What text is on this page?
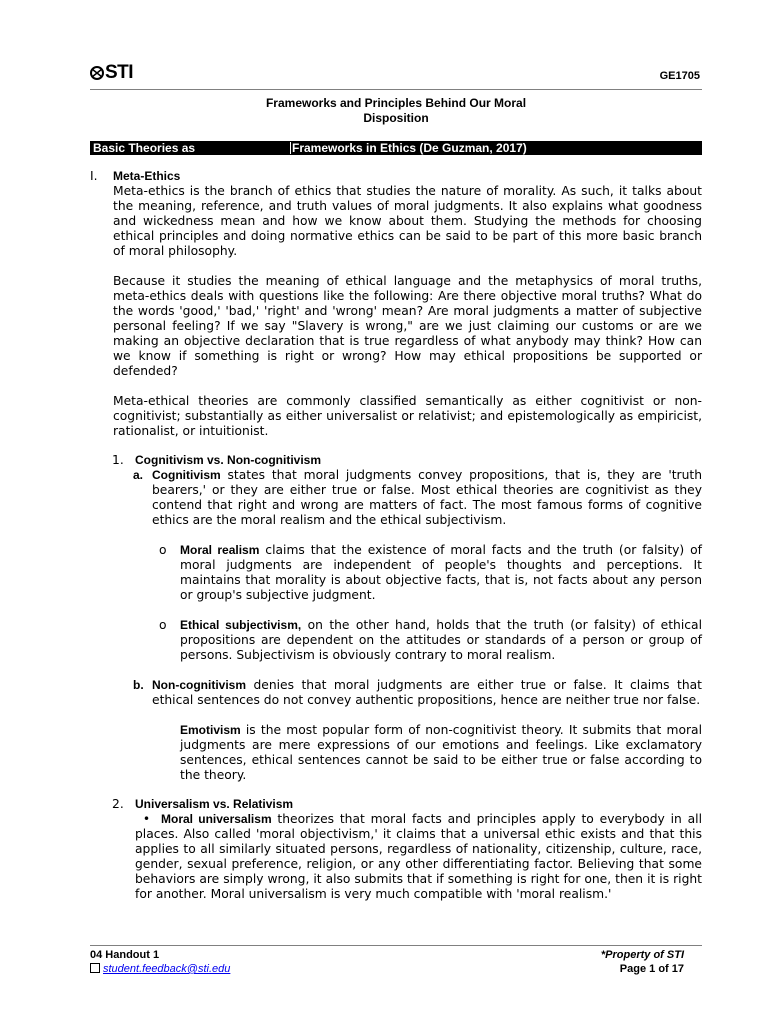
STI	GE1705
Frameworks and Principles Behind Our Moral
Disposition
Basic Theories as	Frameworks in Ethics (De Guzman, 2017)
I. Meta-Ethics

Meta-ethics is the branch of ethics that studies the nature of morality. As such, it talks about the meaning, reference, and truth values of moral judgments. It also explains what goodness and wickedness mean and how we know about them. Studying the methods for choosing ethical principles and doing normative ethics can be said to be part of this more basic branch of moral philosophy.

Because it studies the meaning of ethical language and the metaphysics of moral truths, meta-ethics deals with questions like the following: Are there objective moral truths? What do the words 'good,' 'bad,' 'right' and 'wrong' mean? Are moral judgments a matter of subjective personal feeling? If we say "Slavery is wrong," are we just claiming our customs or are we making an objective declaration that is true regardless of what anybody may think? How can we know if something is right or wrong? How may ethical propositions be supported or defended?

Meta-ethical theories are commonly classified semantically as either cognitivist or non-cognitivist; substantially as either universalist or relativist; and epistemologically as empiricist, rationalist, or intuitionist.

1. Cognitivism vs. Non-cognitivism
a. Cognitivism states that moral judgments convey propositions, that is, they are 'truth bearers,' or they are either true or false. Most ethical theories are cognitivist as they contend that right and wrong are matters of fact. The most famous forms of cognitive ethics are the moral realism and the ethical subjectivism.

o Moral realism claims that the existence of moral facts and the truth (or falsity) of moral judgments are independent of people's thoughts and perceptions. It maintains that morality is about objective facts, that is, not facts about any person or group's subjective judgment.

o Ethical subjectivism, on the other hand, holds that the truth (or falsity) of ethical propositions are dependent on the attitudes or standards of a person or group of persons. Subjectivism is obviously contrary to moral realism.

b. Non-cognitivism denies that moral judgments are either true or false. It claims that ethical sentences do not convey authentic propositions, hence are neither true nor false.

Emotivism is the most popular form of non-cognitivist theory. It submits that moral judgments are mere expressions of our emotions and feelings. Like exclamatory sentences, ethical sentences cannot be said to be either true or false according to the theory.

2. Universalism vs. Relativism

• Moral universalism theorizes that moral facts and principles apply to everybody in all places. Also called 'moral objectivism,' it claims that a universal ethic exists and that this applies to all similarly situated persons, regardless of nationality, citizenship, culture, race, gender, sexual preference, religion, or any other differentiating factor. Believing that some behaviors are simply wrong, it also submits that if something is right for one, then it is right for another. Moral universalism is very much compatible with 'moral realism.'

04 Handout 1
student.feedback@sti.edu
*Property of STI
Page 1 of 17
